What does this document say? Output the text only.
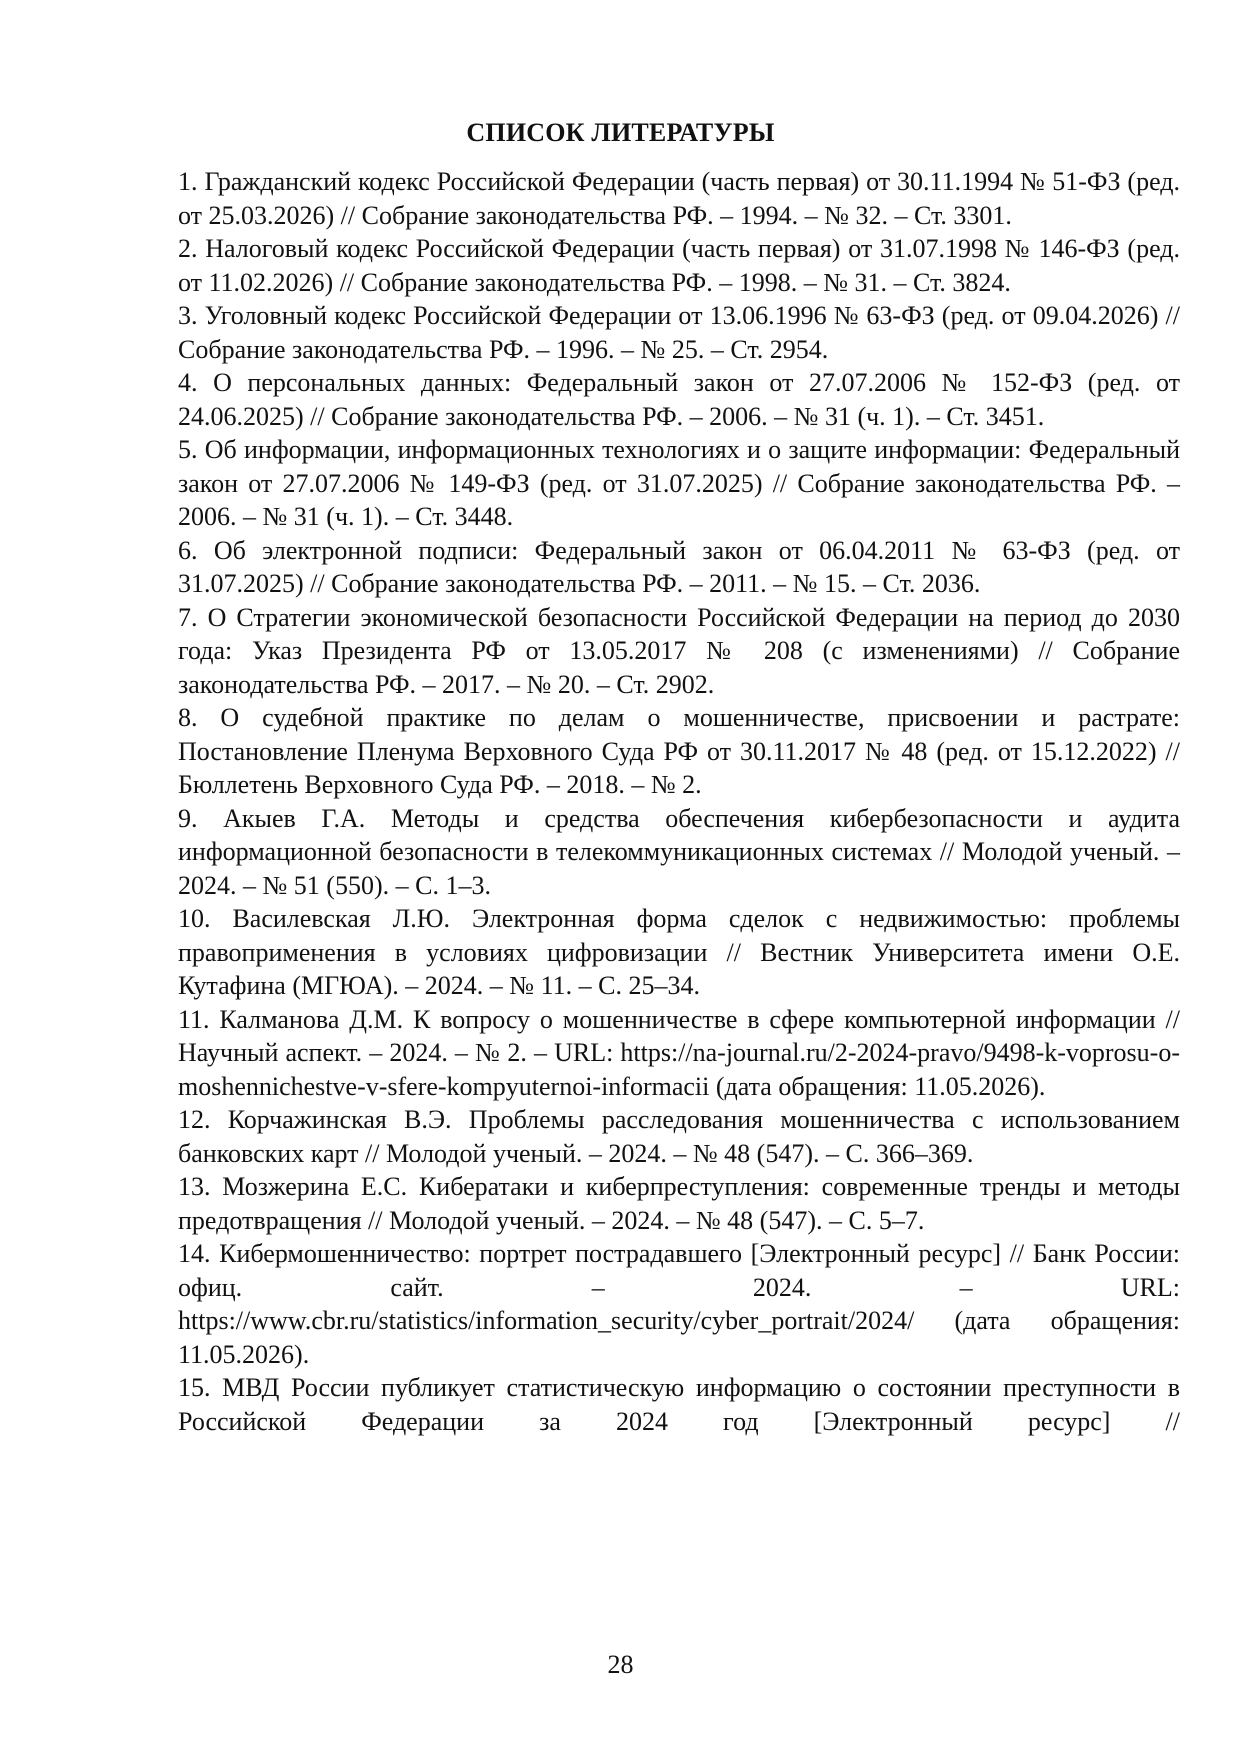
СПИСОК ЛИТЕРАТУРЫ
1. Гражданский кодекс Российской Федерации (часть первая) от 30.11.1994 № 51-ФЗ (ред. от 25.03.2026) // Собрание законодательства РФ. – 1994. – № 32. – Ст. 3301.
2. Налоговый кодекс Российской Федерации (часть первая) от 31.07.1998 № 146-ФЗ (ред. от 11.02.2026) // Собрание законодательства РФ. – 1998. – № 31. – Ст. 3824.
3. Уголовный кодекс Российской Федерации от 13.06.1996 № 63-ФЗ (ред. от 09.04.2026) // Собрание законодательства РФ. – 1996. – № 25. – Ст. 2954.
4. О персональных данных: Федеральный закон от 27.07.2006 № 152-ФЗ (ред. от 24.06.2025) // Собрание законодательства РФ. – 2006. – № 31 (ч. 1). – Ст. 3451.
5. Об информации, информационных технологиях и о защите информации: Федеральный закон от 27.07.2006 № 149-ФЗ (ред. от 31.07.2025) // Собрание законодательства РФ. – 2006. – № 31 (ч. 1). – Ст. 3448.
6. Об электронной подписи: Федеральный закон от 06.04.2011 № 63-ФЗ (ред. от 31.07.2025) // Собрание законодательства РФ. – 2011. – № 15. – Ст. 2036.
7. О Стратегии экономической безопасности Российской Федерации на период до 2030 года: Указ Президента РФ от 13.05.2017 № 208 (с изменениями) // Собрание законодательства РФ. – 2017. – № 20. – Ст. 2902.
8. О судебной практике по делам о мошенничестве, присвоении и растрате: Постановление Пленума Верховного Суда РФ от 30.11.2017 № 48 (ред. от 15.12.2022) // Бюллетень Верховного Суда РФ. – 2018. – № 2.
9. Акыев Г.А. Методы и средства обеспечения кибербезопасности и аудита информационной безопасности в телекоммуникационных системах // Молодой ученый. – 2024. – № 51 (550). – С. 1–3.
10. Василевская Л.Ю. Электронная форма сделок с недвижимостью: проблемы правоприменения в условиях цифровизации // Вестник Университета имени О.Е. Кутафина (МГЮА). – 2024. – № 11. – С. 25–34.
11. Калманова Д.М. К вопросу о мошенничестве в сфере компьютерной информации // Научный аспект. – 2024. – № 2. – URL: https://na-journal.ru/2-2024-pravo/9498-k-voprosu-o-moshennichestve-v-sfere-kompyuternoi-informacii (дата обращения: 11.05.2026).
12. Корчажинская В.Э. Проблемы расследования мошенничества с использованием банковских карт // Молодой ученый. – 2024. – № 48 (547). – С. 366–369.
13. Мозжерина Е.С. Кибератаки и киберпреступления: современные тренды и методы предотвращения // Молодой ученый. – 2024. – № 48 (547). – С. 5–7.
14. Кибермошенничество: портрет пострадавшего [Электронный ресурс] // Банк России: офиц. сайт. – 2024. – URL: https://www.cbr.ru/statistics/information_security/cyber_portrait/2024/ (дата обращения: 11.05.2026).
15. МВД России публикует статистическую информацию о состоянии преступности в Российской Федерации за 2024 год [Электронный ресурс] //
28
